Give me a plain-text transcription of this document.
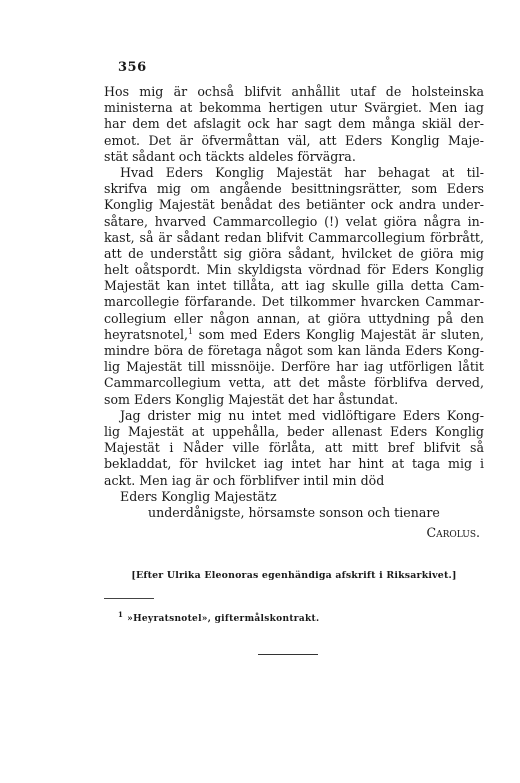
356
Hos mig är ochså blifvit anhållit utaf de holsteinska
ministerna at bekomma hertigen utur Svärgiet. Men iag
har dem det afslagit ock har sagt dem många skiäl der-
emot. Det är öfvermåttan väl, att Eders Konglig Maje-
stät sådant och täckts aldeles förvägra.
Hvad Eders Konglig Majestät har behagat at til-
skrifva mig om angående besittningsrätter, som Eders
Konglig Majestät benådat des betiänter ock andra under-
såtare, hvarved Cammarcollegio (!) velat giöra några in-
kast, så är sådant redan blifvit Cammarcollegium förbrått,
att de understått sig giöra sådant, hvilcket de giöra mig
helt oåtspordt. Min skyldigsta vördnad för Eders Konglig
Majestät kan intet tillåta, att iag skulle gilla detta Cam-
marcollegie förfarande. Det tilkommer hvarcken Cammar-
collegium eller någon annan, at giöra uttydning på den
heyratsnotel,$^1$ som med Eders Konglig Majestät är sluten,
mindre böra de företaga något som kan lända Eders Kong-
lig Majestät till missnöije. Derföre har iag utförligen låtit
Cammarcollegium vetta, att det måste förblifva derved,
som Eders Konglig Majestät det har åstundat.
Jag drister mig nu intet med vidlöftigare Eders Kong-
lig Majestät at uppehålla, beder allenast Eders Konglig
Majestät i Nåder ville förlåta, att mitt bref blifvit så
bekladdat, för hvilcket iag intet har hint at taga mig i
ackt. Men iag är och förblifver intil min död
Eders Konglig Majestätz
underdånigste, hörsamste sonson och tienare
Carolus.
[Efter Ulrika Eleonoras egenhändiga afskrift i Riksarkivet.]
$^1$ »Heyratsnotel», giftermålskontrakt.
